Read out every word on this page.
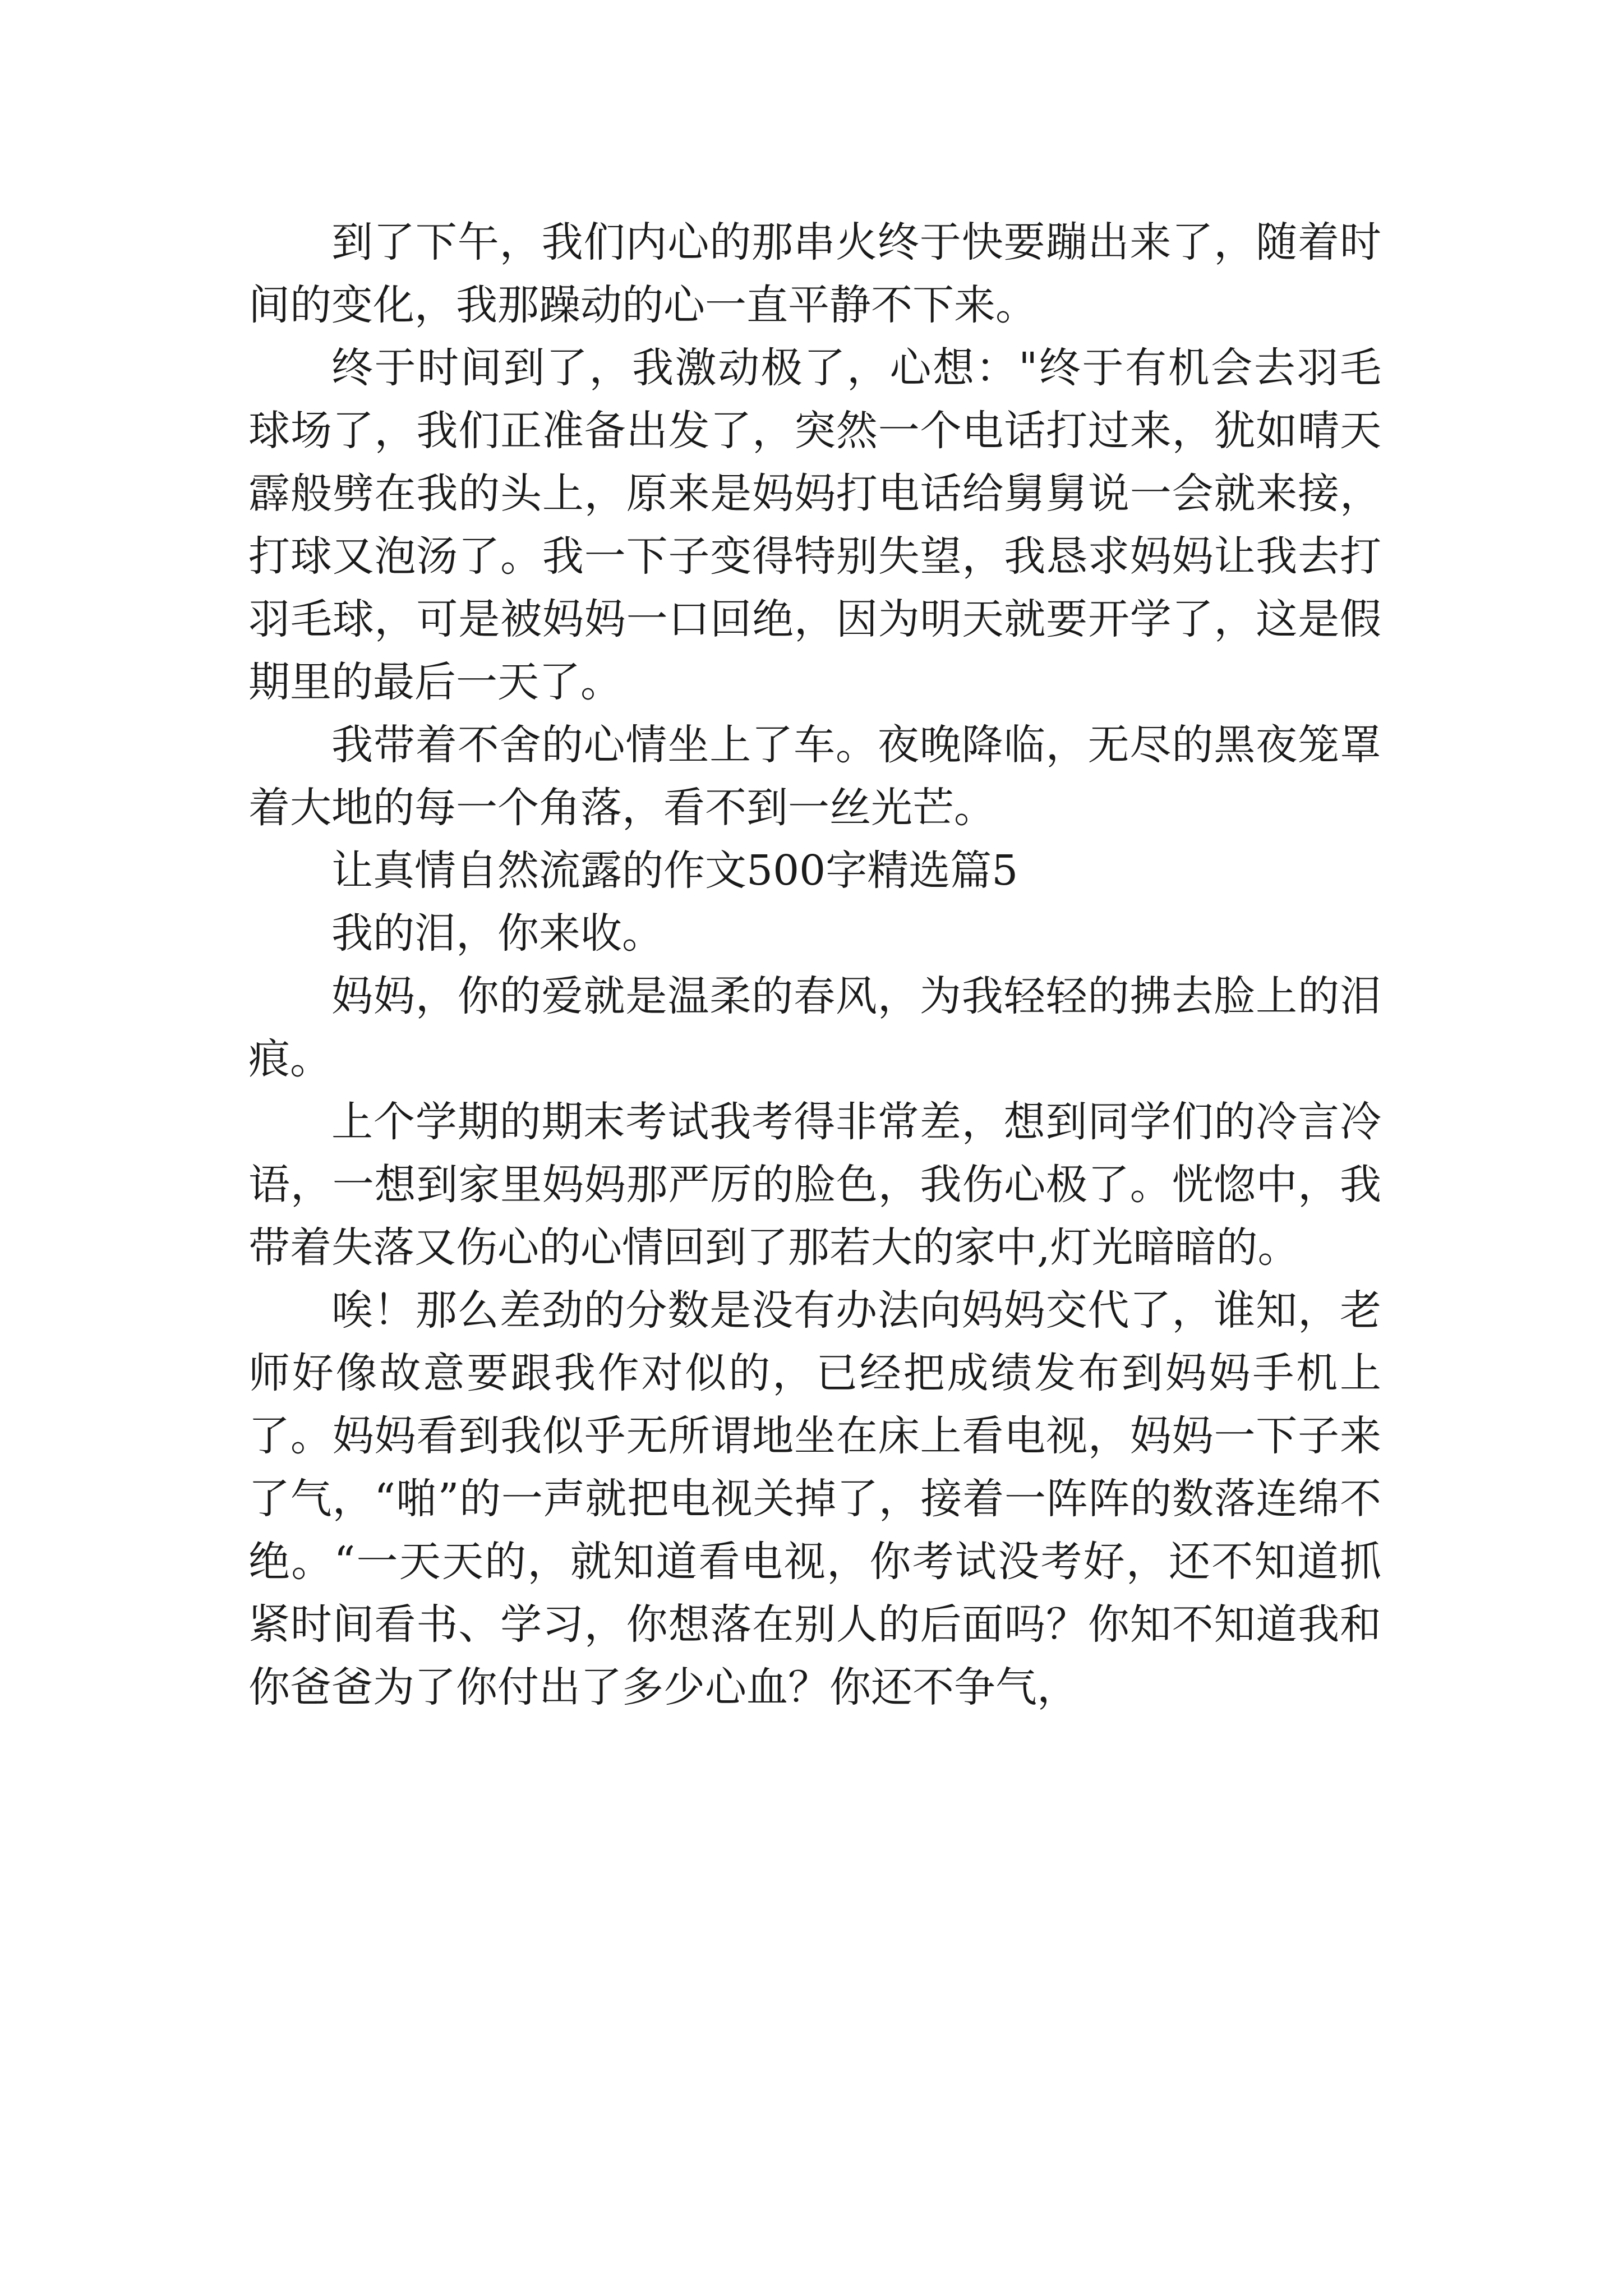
到了下午，我们内心的那串火终于快要蹦出来了，随着时间的变化，我那躁动的心一直平静不下来。

终于时间到了，我激动极了，心想："终于有机会去羽毛球场了，我们正准备出发了，突然一个电话打过来，犹如晴天霹般劈在我的头上，原来是妈妈打电话给舅舅说一会就来接，打球又泡汤了。我一下子变得特别失望，我恳求妈妈让我去打羽毛球，可是被妈妈一口回绝，因为明天就要开学了，这是假期里的最后一天了。

我带着不舍的心情坐上了车。夜晚降临，无尽的黑夜笼罩着大地的每一个角落，看不到一丝光芒。

让真情自然流露的作文500字精选篇5

我的泪，你来收。

妈妈，你的爱就是温柔的春风，为我轻轻的拂去脸上的泪痕。

上个学期的期末考试我考得非常差，想到同学们的冷言冷语，一想到家里妈妈那严厉的脸色，我伤心极了。恍惚中，我带着失落又伤心的心情回到了那若大的家中,灯光暗暗的。

唉！那么差劲的分数是没有办法向妈妈交代了，谁知，老师好像故意要跟我作对似的，已经把成绩发布到妈妈手机上了。妈妈看到我似乎无所谓地坐在床上看电视，妈妈一下子来了气，“啪”的一声就把电视关掉了，接着一阵阵的数落连绵不绝。“一天天的，就知道看电视，你考试没考好，还不知道抓紧时间看书、学习，你想落在别人的后面吗？你知不知道我和你爸爸为了你付出了多少心血？你还不争气，
